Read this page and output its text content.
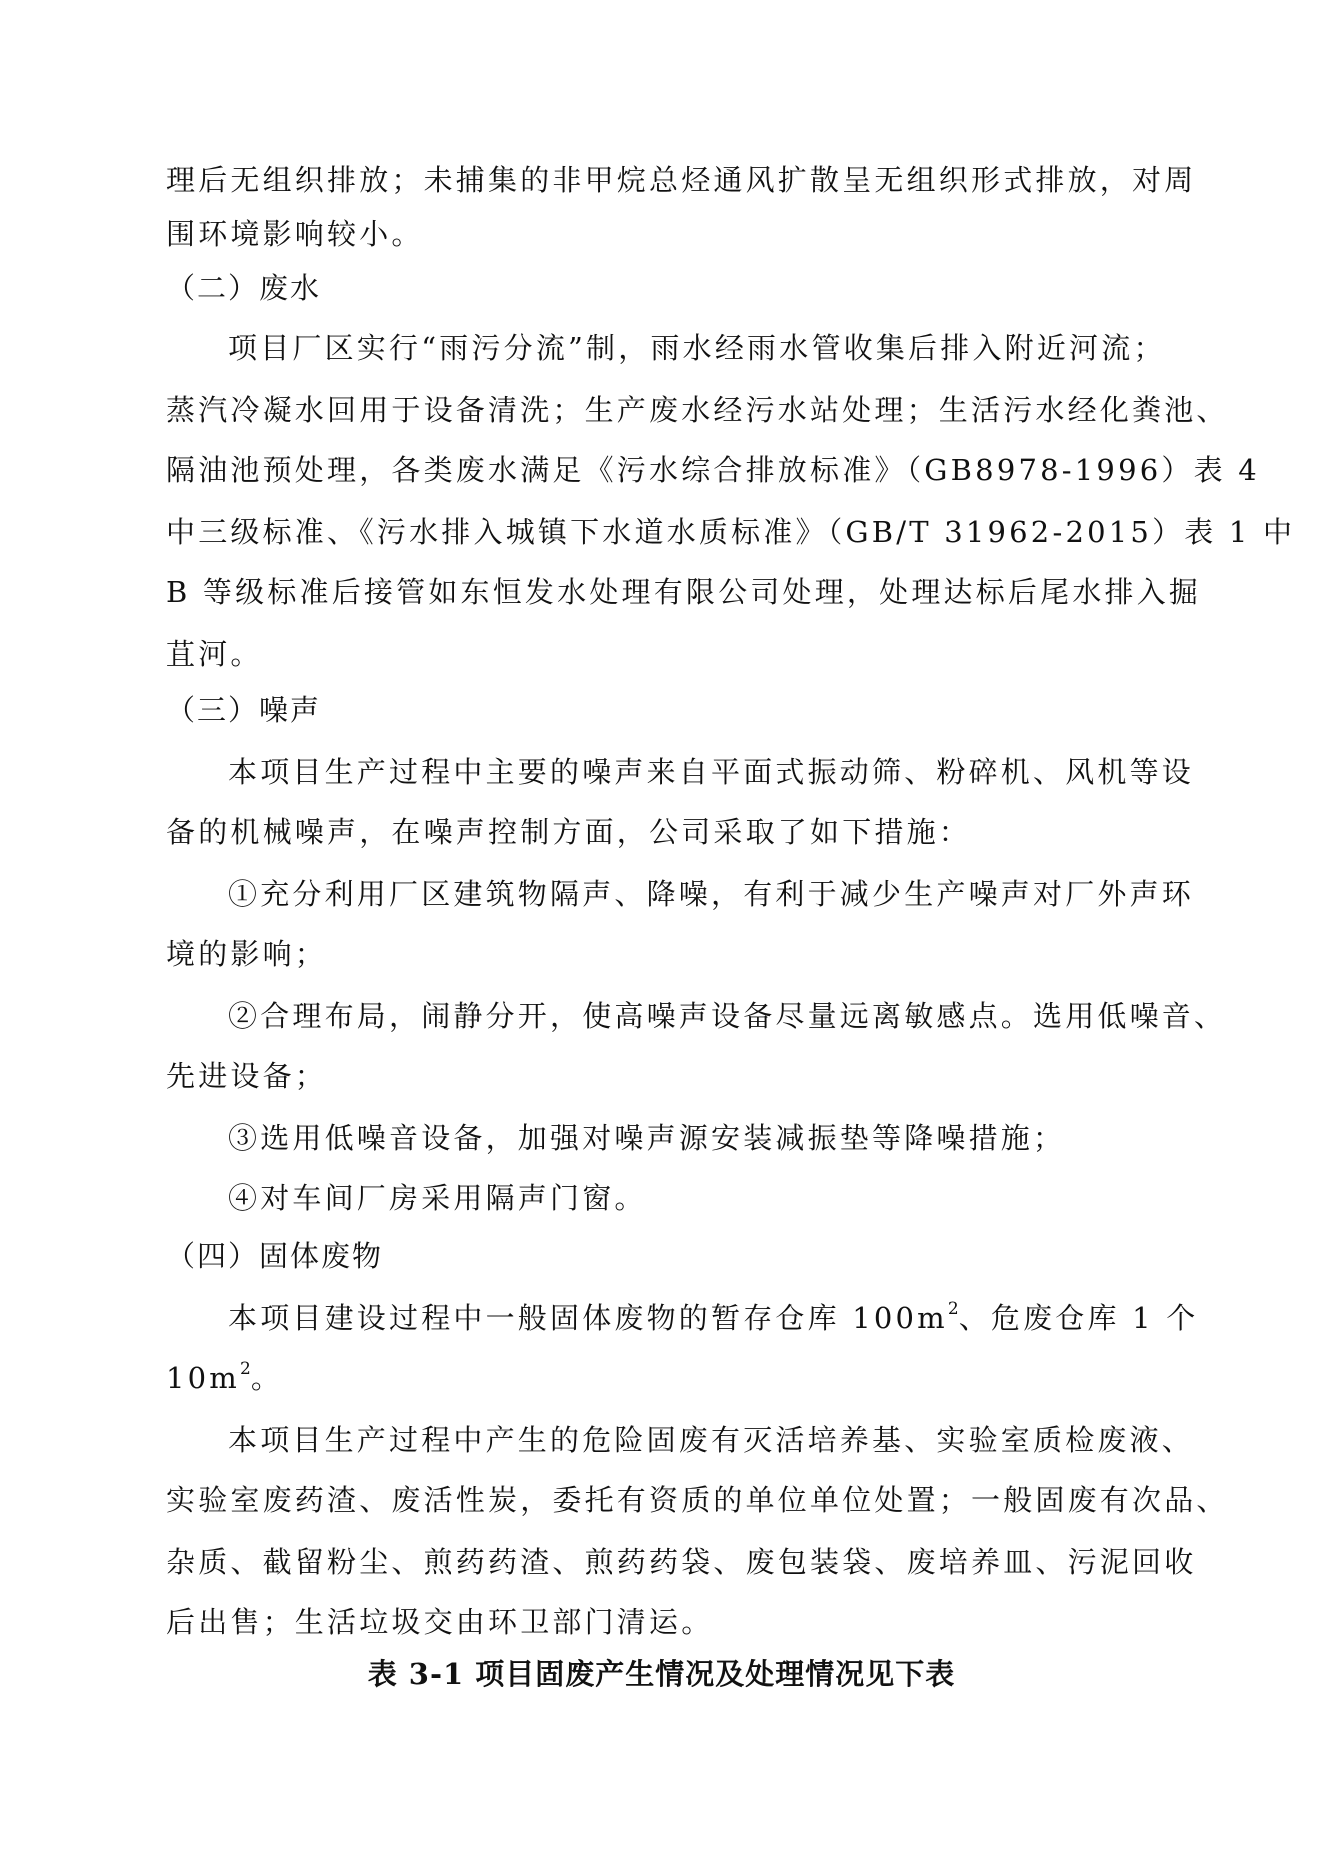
理后无组织排放；未捕集的非甲烷总烃通风扩散呈无组织形式排放，对周
围环境影响较小。
（二）废水
项目厂区实行“雨污分流”制，雨水经雨水管收集后排入附近河流；
蒸汽冷凝水回用于设备清洗；生产废水经污水站处理；生活污水经化粪池、
隔油池预处理，各类废水满足《污水综合排放标准》（GB8978-1996）表 4
中三级标准、《污水排入城镇下水道水质标准》（GB/T 31962-2015）表 1 中
B 等级标准后接管如东恒发水处理有限公司处理，处理达标后尾水排入掘
苴河。
（三）噪声
本项目生产过程中主要的噪声来自平面式振动筛、粉碎机、风机等设
备的机械噪声，在噪声控制方面，公司采取了如下措施：
①充分利用厂区建筑物隔声、降噪，有利于减少生产噪声对厂外声环
境的影响；
②合理布局，闹静分开，使高噪声设备尽量远离敏感点。选用低噪音、
先进设备；
③选用低噪音设备，加强对噪声源安装减振垫等降噪措施；
④对车间厂房采用隔声门窗。
（四）固体废物
本项目建设过程中一般固体废物的暂存仓库 $100m^2$、危废仓库 1 个
$10m^2$。
本项目生产过程中产生的危险固废有灭活培养基、实验室质检废液、
实验室废药渣、废活性炭，委托有资质的单位单位处置；一般固废有次品、
杂质、截留粉尘、煎药药渣、煎药药袋、废包装袋、废培养皿、污泥回收
后出售；生活垃圾交由环卫部门清运。
表 3-1 项目固废产生情况及处理情况见下表
